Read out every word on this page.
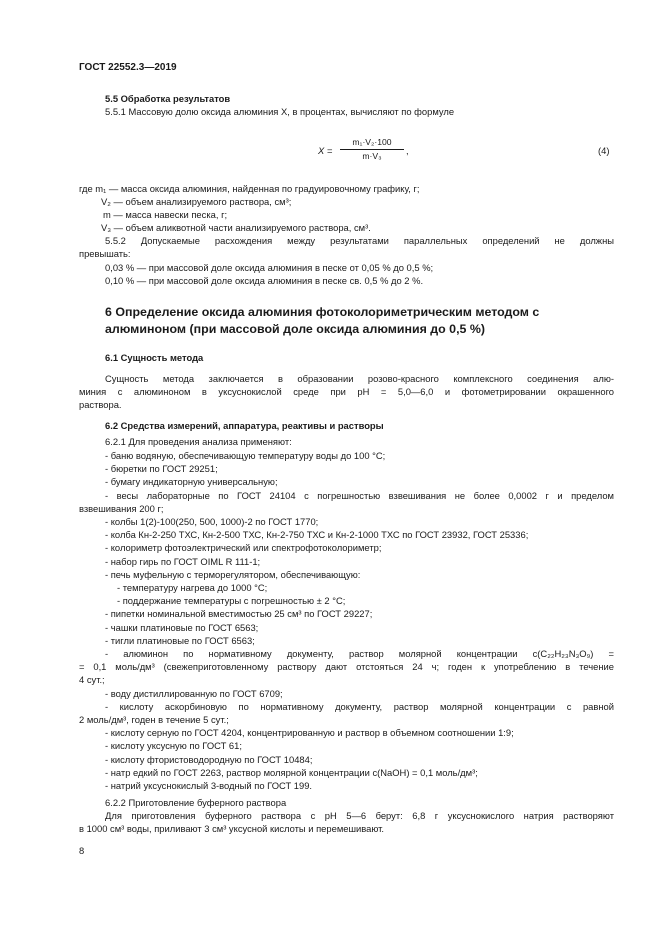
ГОСТ 22552.3—2019
5.5 Обработка результатов
5.5.1 Массовую долю оксида алюминия X, в процентах, вычисляют по формуле
X =
m₁·V₂·100
m·V₃	,	(4)
где m₁ — масса оксида алюминия, найденная по градуировочному графику, г;
V₂ — объем анализируемого раствора, см³;
m — масса навески песка, г;
V₃ — объем аликвотной части анализируемого раствора, см³.
5.5.2 Допускаемые расхождения между результатами параллельных определений не должны
превышать:
0,03 % — при массовой доле оксида алюминия в песке от 0,05 % до 0,5 %;
0,10 % — при массовой доле оксида алюминия в песке св. 0,5 % до 2 %.
6 Определение оксида алюминия фотоколориметрическим методом с
алюминоном (при массовой доле оксида алюминия до 0,5 %)
6.1 Сущность метода
Сущность метода заключается в образовании розово-красного комплексного соединения алю-
миния с алюминоном в уксуснокислой среде при pH = 5,0—6,0 и фотометрировании окрашенного
раствора.
6.2 Средства измерений, аппаратура, реактивы и растворы
6.2.1 Для проведения анализа применяют:
- баню водяную, обеспечивающую температуру воды до 100 °С;
- бюретки по ГОСТ 29251;
- бумагу индикаторную универсальную;
- весы лабораторные по ГОСТ 24104 с погрешностью взвешивания не более 0,0002 г и пределом
взвешивания 200 г;
- колбы 1(2)-100(250, 500, 1000)-2 по ГОСТ 1770;
- колба Кн-2-250 ТХС, Кн-2-500 ТХС, Кн-2-750 ТХС и Кн-2-1000 ТХС по ГОСТ 23932, ГОСТ 25336;
- колориметр фотоэлектрический или спектрофотоколориметр;
- набор гирь по ГОСТ OIML R 111-1;
- печь муфельную с терморегулятором, обеспечивающую:
- температуру нагрева до 1000 °С;
- поддержание температуры с погрешностью ± 2 °С;
- пипетки номинальной вместимостью 25 см³ по ГОСТ 29227;
- чашки платиновые по ГОСТ 6563;
- тигли платиновые по ГОСТ 6563;
- алюминон по нормативному документу, раствор молярной концентрации c(C₂₂H₂₃N₃O₉) =
= 0,1 моль/дм³ (свежеприготовленному раствору дают отстояться 24 ч; годен к употреблению в течение
4 сут.;
- воду дистиллированную по ГОСТ 6709;
- кислоту аскорбиновую по нормативному документу, раствор молярной концентрации с равной
2 моль/дм³, годен в течение 5 сут.;
- кислоту серную по ГОСТ 4204, концентрированную и раствор в объемном соотношении 1:9;
- кислоту уксусную по ГОСТ 61;
- кислоту фтористоводородную по ГОСТ 10484;
- натр едкий по ГОСТ 2263, раствор молярной концентрации c(NaOH) = 0,1 моль/дм³;
- натрий уксуснокислый 3-водный по ГОСТ 199.
6.2.2 Приготовление буферного раствора
Для приготовления буферного раствора с pH 5—6 берут: 6,8 г уксуснокислого натрия растворяют
в 1000 см³ воды, приливают 3 см³ уксусной кислоты и перемешивают.
8
